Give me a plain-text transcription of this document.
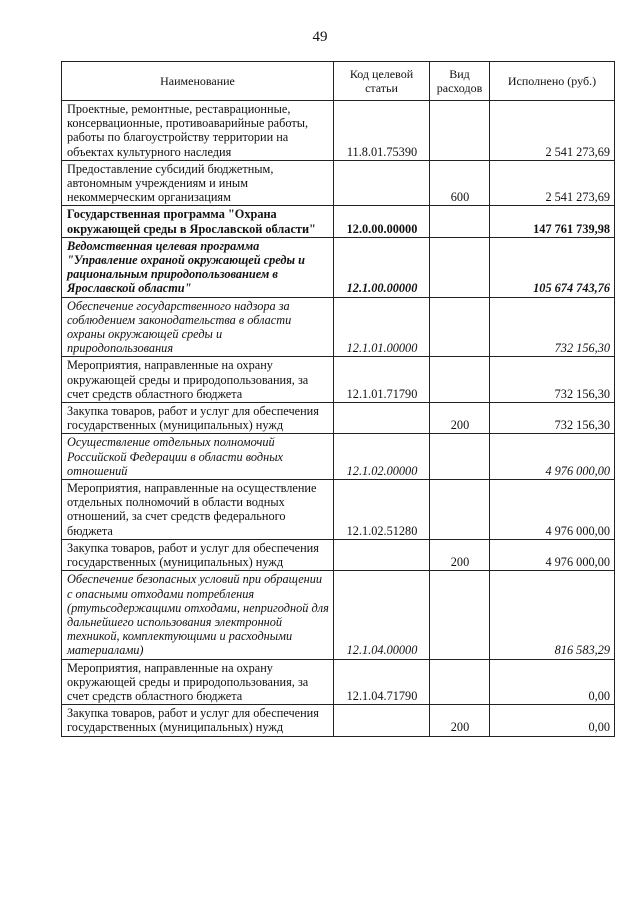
49
Наименование	Код целевой статьи	Вид расходов	Исполнено (руб.)
Проектные, ремонтные, реставрационные, консервационные, противоаварийные работы, работы по благоустройству территории на объектах культурного наследия	11.8.01.75390		2 541 273,69
Предоставление субсидий бюджетным, автономным учреждениям и иным некоммерческим организациям		600	2 541 273,69
Государственная программа "Охрана окружающей среды в Ярославской области"	12.0.00.00000		147 761 739,98
Ведомственная целевая программа "Управление охраной окружающей среды и рациональным природопользованием в Ярославской области"	12.1.00.00000		105 674 743,76
Обеспечение государственного надзора за соблюдением законодательства в области охраны окружающей среды и природопользования	12.1.01.00000		732 156,30
Мероприятия, направленные на охрану окружающей среды и природопользования, за счет средств областного бюджета	12.1.01.71790		732 156,30
Закупка товаров, работ и услуг для обеспечения государственных (муниципальных) нужд		200	732 156,30
Осуществление отдельных полномочий Российской Федерации в области водных отношений	12.1.02.00000		4 976 000,00
Мероприятия, направленные на осуществление отдельных полномочий в области водных отношений, за счет средств федерального бюджета	12.1.02.51280		4 976 000,00
Закупка товаров, работ и услуг для обеспечения государственных (муниципальных) нужд		200	4 976 000,00
Обеспечение безопасных условий при обращении с опасными отходами потребления (ртутьсодержащими отходами, непригодной для дальнейшего использования электронной техникой, комплектующими и расходными материалами)	12.1.04.00000		816 583,29
Мероприятия, направленные на охрану окружающей среды и природопользования, за счет средств областного бюджета	12.1.04.71790		0,00
Закупка товаров, работ и услуг для обеспечения государственных (муниципальных) нужд		200	0,00
